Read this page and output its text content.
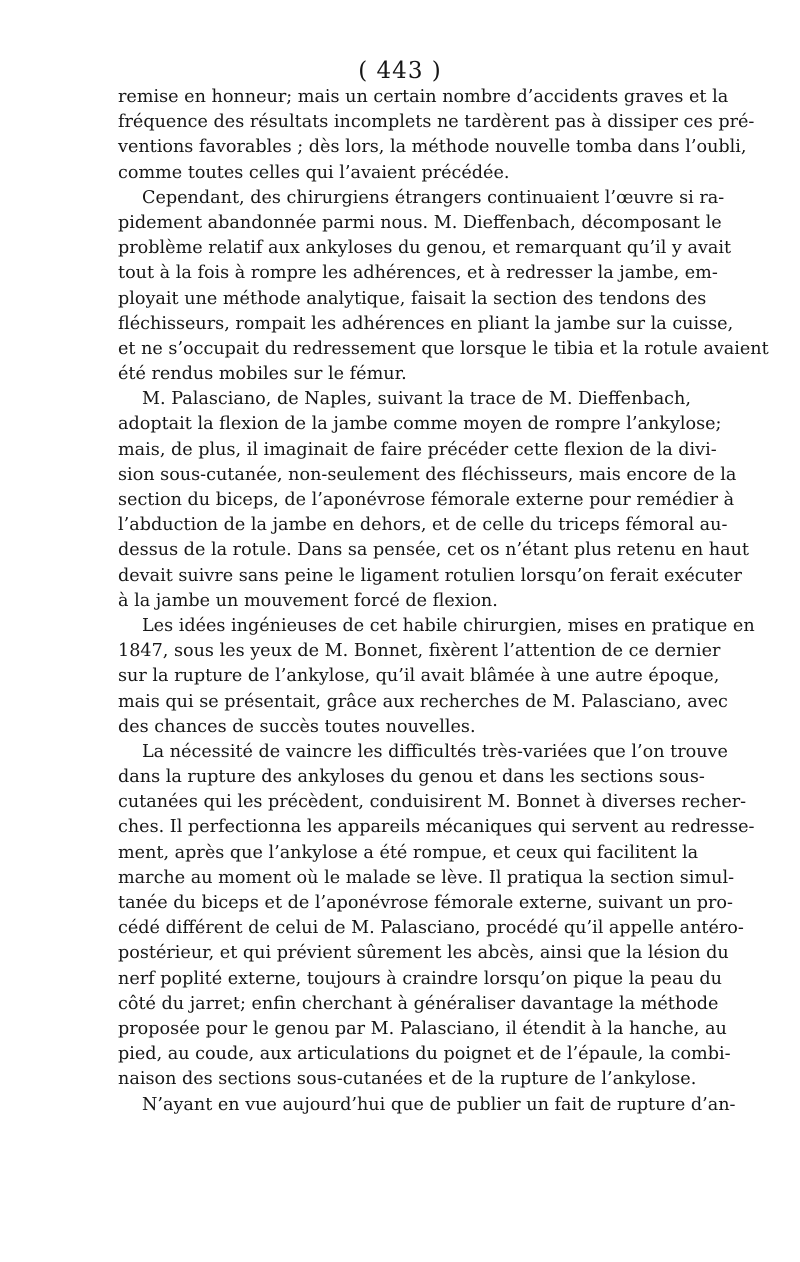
( 443 )
remise en honneur; mais un certain nombre d’accidents graves et la
fréquence des résultats incomplets ne tardèrent pas à dissiper ces pré-
ventions favorables ; dès lors, la méthode nouvelle tomba dans l’oubli,
comme toutes celles qui l’avaient précédée.
Cependant, des chirurgiens étrangers continuaient l’œuvre si ra-
pidement abandonnée parmi nous. M. Dieffenbach, décomposant le
problème relatif aux ankyloses du genou, et remarquant qu’il y avait
tout à la fois à rompre les adhérences, et à redresser la jambe, em-
ployait une méthode analytique, faisait la section des tendons des
fléchisseurs, rompait les adhérences en pliant la jambe sur la cuisse,
et ne s’occupait du redressement que lorsque le tibia et la rotule avaient
été rendus mobiles sur le fémur.
M. Palasciano, de Naples, suivant la trace de M. Dieffenbach,
adoptait la flexion de la jambe comme moyen de rompre l’ankylose;
mais, de plus, il imaginait de faire précéder cette flexion de la divi-
sion sous-cutanée, non-seulement des fléchisseurs, mais encore de la
section du biceps, de l’aponévrose fémorale externe pour remédier à
l’abduction de la jambe en dehors, et de celle du triceps fémoral au-
dessus de la rotule. Dans sa pensée, cet os n’étant plus retenu en haut
devait suivre sans peine le ligament rotulien lorsqu’on ferait exécuter
à la jambe un mouvement forcé de flexion.
Les idées ingénieuses de cet habile chirurgien, mises en pratique en
1847, sous les yeux de M. Bonnet, fixèrent l’attention de ce dernier
sur la rupture de l’ankylose, qu’il avait blâmée à une autre époque,
mais qui se présentait, grâce aux recherches de M. Palasciano, avec
des chances de succès toutes nouvelles.
La nécessité de vaincre les difficultés très-variées que l’on trouve
dans la rupture des ankyloses du genou et dans les sections sous-
cutanées qui les précèdent, conduisirent M. Bonnet à diverses recher-
ches. Il perfectionna les appareils mécaniques qui servent au redresse-
ment, après que l’ankylose a été rompue, et ceux qui facilitent la
marche au moment où le malade se lève. Il pratiqua la section simul-
tanée du biceps et de l’aponévrose fémorale externe, suivant un pro-
cédé différent de celui de M. Palasciano, procédé qu’il appelle antéro-
postérieur, et qui prévient sûrement les abcès, ainsi que la lésion du
nerf poplité externe, toujours à craindre lorsqu’on pique la peau du
côté du jarret; enfin cherchant à généraliser davantage la méthode
proposée pour le genou par M. Palasciano, il étendit à la hanche, au
pied, au coude, aux articulations du poignet et de l’épaule, la combi-
naison des sections sous-cutanées et de la rupture de l’ankylose.
N’ayant en vue aujourd’hui que de publier un fait de rupture d’an-
